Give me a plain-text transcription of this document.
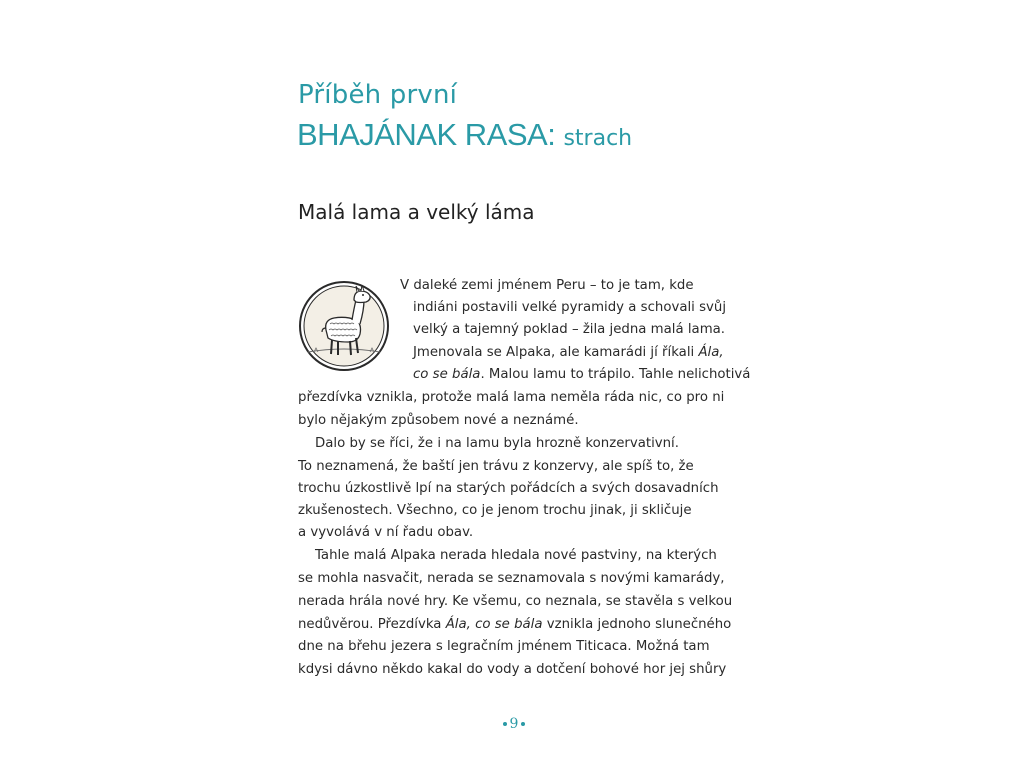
Příběh první
BHAJÁNAK RASA: strach
Malá lama a velký láma

V daleké zemi jménem Peru – to je tam, kde

indiáni postavili velké pyramidy a schovali svůj

velký a tajemný poklad – žila jedna malá lama.

Jmenovala se Alpaka, ale kamarádi jí říkali Ála,

co se bála. Malou lamu to trápilo. Tahle nelichotivá

přezdívka vznikla, protože malá lama neměla ráda nic, co pro ni

bylo nějakým způsobem nové a neznámé.

Dalo by se říci, že i na lamu byla hrozně konzervativní.

To neznamená, že baští jen trávu z konzervy, ale spíš to, že

trochu úzkostlivě lpí na starých pořádcích a svých dosavadních

zkušenostech. Všechno, co je jenom trochu jinak, ji skličuje

a vyvolává v ní řadu obav.

Tahle malá Alpaka nerada hledala nové pastviny, na kterých

se mohla nasvačit, nerada se seznamovala s novými kamarády,

nerada hrála nové hry. Ke všemu, co neznala, se stavěla s velkou

nedůvěrou. Přezdívka Ála, co se bála vznikla jednoho slunečného

dne na břehu jezera s legračním jménem Titicaca. Možná tam

kdysi dávno někdo kakal do vody a dotčení bohové hor jej shůry

9
